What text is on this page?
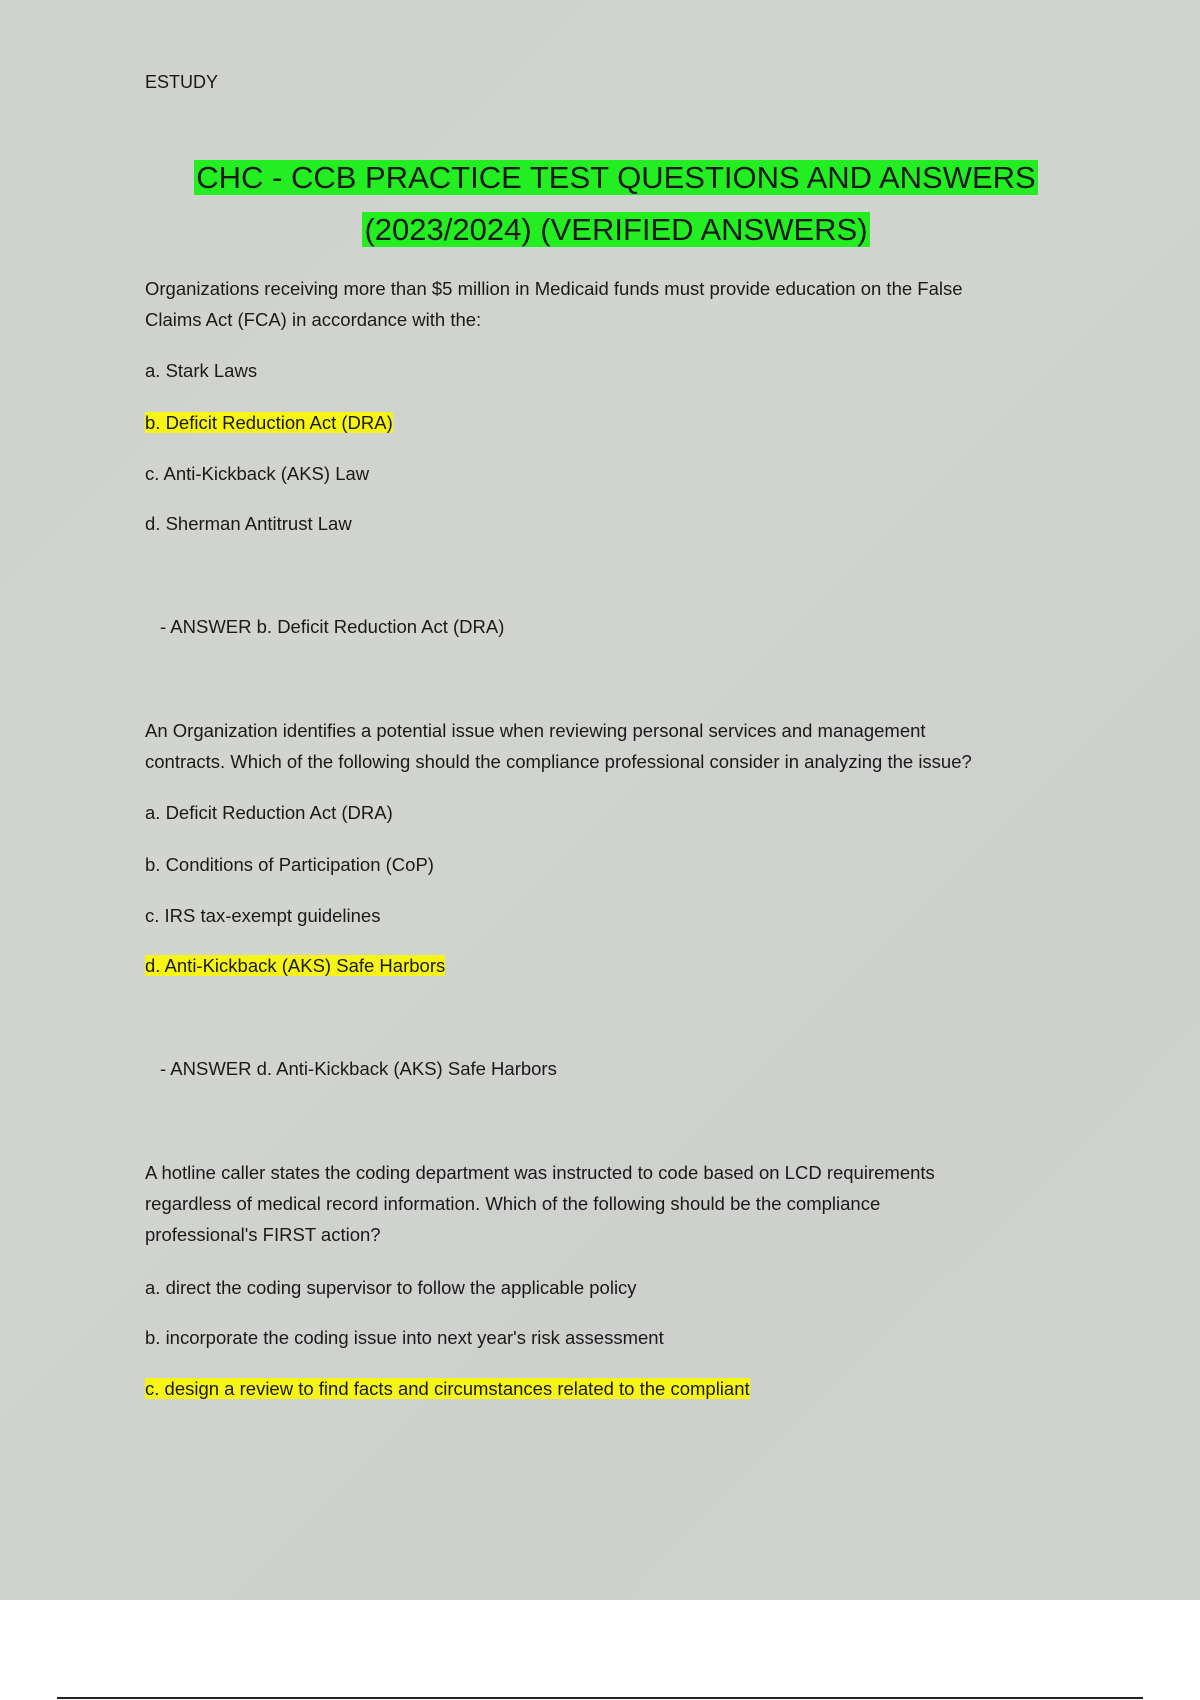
ESTUDY
CHC - CCB PRACTICE TEST QUESTIONS AND ANSWERS
(2023/2024) (VERIFIED ANSWERS)
Organizations receiving more than $5 million in Medicaid funds must provide education on the False
Claims Act (FCA) in accordance with the:
a. Stark Laws
b. Deficit Reduction Act (DRA)
c. Anti-Kickback (AKS) Law
d. Sherman Antitrust Law
- ANSWER b. Deficit Reduction Act (DRA)
An Organization identifies a potential issue when reviewing personal services and management
contracts. Which of the following should the compliance professional consider in analyzing the issue?
a. Deficit Reduction Act (DRA)
b. Conditions of Participation (CoP)
c. IRS tax-exempt guidelines
d. Anti-Kickback (AKS) Safe Harbors
- ANSWER d. Anti-Kickback (AKS) Safe Harbors
A hotline caller states the coding department was instructed to code based on LCD requirements
regardless of medical record information. Which of the following should be the compliance
professional's FIRST action?
a. direct the coding supervisor to follow the applicable policy
b. incorporate the coding issue into next year's risk assessment
c. design a review to find facts and circumstances related to the compliant
